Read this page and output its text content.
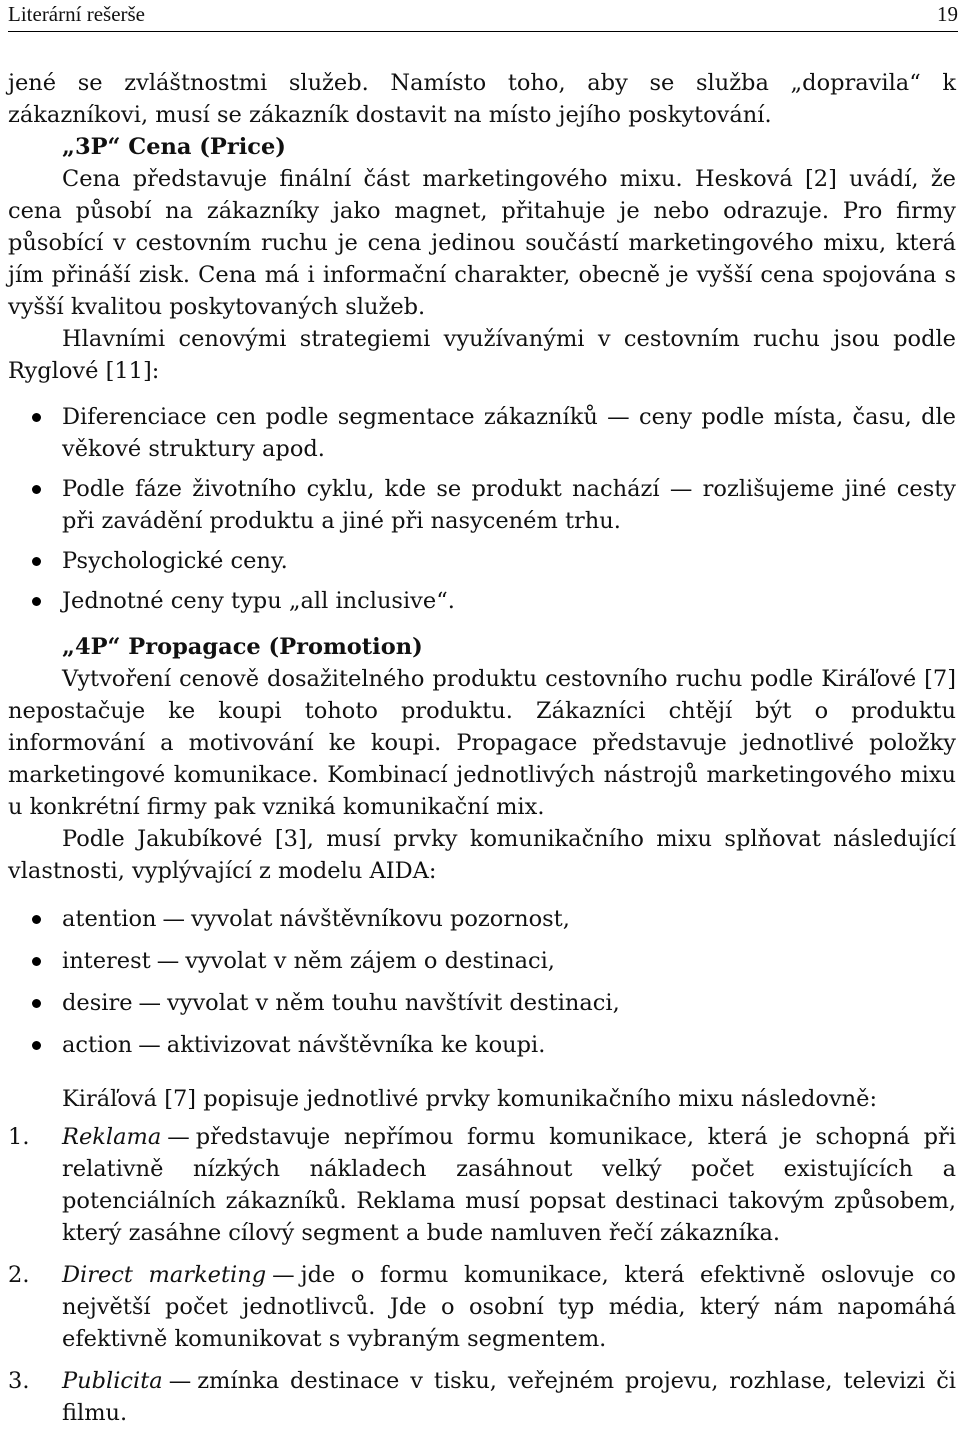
Literární rešerše	19

jené se zvláštnostmi služeb. Namísto toho, aby se služba „dopravila“ k zákazníkovi, musí se zákazník dostavit na místo jejího poskytování.

„3P“ Cena (Price)

Cena představuje finální část marketingového mixu. Hesková [2] uvádí, že cena působí na zákazníky jako magnet, přitahuje je nebo odrazuje. Pro firmy působící v cestovním ruchu je cena jedinou součástí marketingového mixu, která jím přináší zisk. Cena má i informační charakter, obecně je vyšší cena spojována s vyšší kvalitou poskytovaných služeb.

Hlavními cenovými strategiemi využívanými v cestovním ruchu jsou podle Ryglové [11]:

Diferenciace cen podle segmentace zákazníků — ceny podle místa, času, dle věkové struktury apod.
Podle fáze životního cyklu, kde se produkt nachází — rozlišujeme jiné cesty při zavádění produktu a jiné při nasyceném trhu.
Psychologické ceny.
Jednotné ceny typu „all inclusive“.

„4P“ Propagace (Promotion)

Vytvoření cenově dosažitelného produktu cestovního ruchu podle Kiráľové [7] nepostačuje ke koupi tohoto produktu. Zákazníci chtějí být o produktu informování a motivování ke koupi. Propagace představuje jednotlivé položky marketingové komunikace. Kombinací jednotlivých nástrojů marketingového mixu u konkrétní firmy pak vzniká komunikační mix.

Podle Jakubíkové [3], musí prvky komunikačního mixu splňovat následující vlastnosti, vyplývající z modelu AIDA:

atention — vyvolat návštěvníkovu pozornost,
interest — vyvolat v něm zájem o destinaci,
desire — vyvolat v něm touhu navštívit destinaci,
action — aktivizovat návštěvníka ke koupi.

Kiráľová [7] popisuje jednotlivé prvky komunikačního mixu následovně:

1. Reklama — představuje nepřímou formu komunikace, která je schopná při relativně nízkých nákladech zasáhnout velký počet existujících a potenciálních zákazníků. Reklama musí popsat destinaci takovým způsobem, který zasáhne cílový segment a bude namluven řečí zákazníka.
2. Direct marketing — jde o formu komunikace, která efektivně oslovuje co největší počet jednotlivců. Jde o osobní typ média, který nám napomáhá efektivně komunikovat s vybraným segmentem.
3. Publicita — zmínka destinace v tisku, veřejném projevu, rozhlase, televizi či filmu.
